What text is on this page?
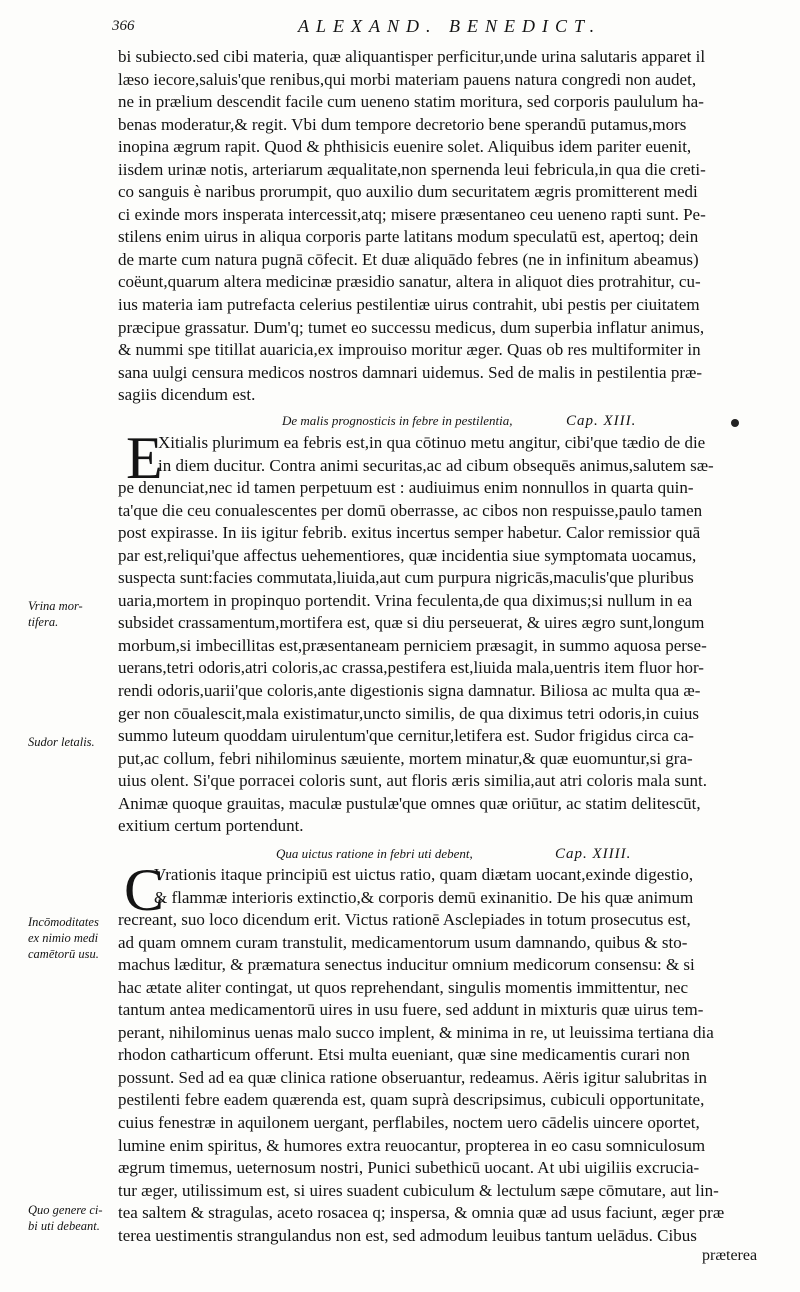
366	ALEXAND. BENEDICT.
bi subiecto.sed cibi materia, quæ aliquantisper perficitur,unde urina salutaris apparet il
læso iecore,saluis'que renibus,qui morbi materiam pauens natura congredi non audet,
ne in prælium descendit facile cum ueneno statim moritura, sed corporis paululum ha-
benas moderatur,& regit. Vbi dum tempore decretorio bene sperandū putamus,mors
inopina ægrum rapit. Quod & phthisicis euenire solet. Aliquibus idem pariter euenit,
iisdem urinæ notis, arteriarum æqualitate,non spernenda leui febricula,in qua die creti-
co sanguis è naribus prorumpit, quo auxilio dum securitatem ægris promitterent medi
ci exinde mors insperata intercessit,atq; misere præsentaneo ceu ueneno rapti sunt. Pe-
stilens enim uirus in aliqua corporis parte latitans modum speculatū est, apertoq; dein
de marte cum natura pugnā cōfecit. Et duæ aliquādo febres (ne in infinitum abeamus)
coëunt,quarum altera medicinæ præsidio sanatur, altera in aliquot dies protrahitur, cu-
ius materia iam putrefacta celerius pestilentiæ uirus contrahit, ubi pestis per ciuitatem
præcipue grassatur. Dum'q; tumet eo successu medicus, dum superbia inflatur animus,
& nummi spe titillat auaricia,ex improuiso moritur æger. Quas ob res multiformiter in
sana uulgi censura medicos nostros damnari uidemus. Sed de malis in pestilentia præ-
sagiis dicendum est.
De malis prognosticis in febre in pestilentia,	Cap. XIII.
E
Xitialis plurimum ea febris est,in qua cōtinuo metu angitur, cibi'que tædio de die
in diem ducitur. Contra animi securitas,ac ad cibum obsequēs animus,salutem sæ-
pe denunciat,nec id tamen perpetuum est : audiuimus enim nonnullos in quarta quin-
ta'que die ceu conualescentes per domū oberrasse, ac cibos non respuisse,paulo tamen
post expirasse. In iis igitur febrib. exitus incertus semper habetur. Calor remissior quā
par est,reliqui'que affectus uehementiores, quæ incidentia siue symptomata uocamus,
suspecta sunt:facies commutata,liuida,aut cum purpura nigricās,maculis'que pluribus
uaria,mortem in propinquo portendit. Vrina feculenta,de qua diximus;si nullum in ea
subsidet crassamentum,mortifera est, quæ si diu perseuerat, & uires ægro sunt,longum
morbum,si imbecillitas est,præsentaneam perniciem præsagit, in summo aquosa perse-
uerans,tetri odoris,atri coloris,ac crassa,pestifera est,liuida mala,uentris item fluor hor-
rendi odoris,uarii'que coloris,ante digestionis signa damnatur. Biliosa ac multa qua æ-
ger non cōualescit,mala existimatur,uncto similis, de qua diximus tetri odoris,in cuius
summo luteum quoddam uirulentum'que cernitur,letifera est. Sudor frigidus circa ca-
put,ac collum, febri nihilominus sæuiente, mortem minatur,& quæ euomuntur,si gra-
uius olent. Si'que porracei coloris sunt, aut floris æris similia,aut atri coloris mala sunt.
Animæ quoque grauitas, maculæ pustulæ'que omnes quæ oriūtur, ac statim delitescūt,
exitium certum portendunt.
Qua uictus ratione in febri uti debent,	Cap. XIIII.
C
Vrationis itaque principiū est uictus ratio, quam diætam uocant,exinde digestio,
& flammæ interioris extinctio,& corporis demū exinanitio. De his quæ animum
recreant, suo loco dicendum erit. Victus rationē Asclepiades in totum prosecutus est,
ad quam omnem curam transtulit, medicamentorum usum damnando, quibus & sto-
machus læditur, & præmatura senectus inducitur omnium medicorum consensu: & si
hac ætate aliter contingat, ut quos reprehendant, singulis momentis immittentur, nec
tantum antea medicamentorū uires in usu fuere, sed addunt in mixturis quæ uirus tem-
perant, nihilominus uenas malo succo implent, & minima in re, ut leuissima tertiana dia
rhodon catharticum offerunt. Etsi multa eueniant, quæ sine medicamentis curari non
possunt. Sed ad ea quæ clinica ratione obseruantur, redeamus. Aëris igitur salubritas in
pestilenti febre eadem quærenda est, quam suprà descripsimus, cubiculi opportunitate,
cuius fenestræ in aquilonem uergant, perflabiles, noctem uero cādelis uincere oportet,
lumine enim spiritus, & humores extra reuocantur, propterea in eo casu somniculosum
ægrum timemus, ueternosum nostri, Punici subethicū uocant. At ubi uigiliis excrucia-
tur æger, utilissimum est, si uires suadent cubiculum & lectulum sæpe cōmutare, aut lin-
tea saltem & stragulas, aceto rosacea q; inspersa, & omnia quæ ad usus faciunt, æger præ
terea uestimentis strangulandus non est, sed admodum leuibus tantum uelādus. Cibus
præterea
Vrina mor-
tifera.
Sudor letalis.
Incōmoditates
ex nimio medi
camētorū usu.
Quo genere ci-
bi uti debeant.
